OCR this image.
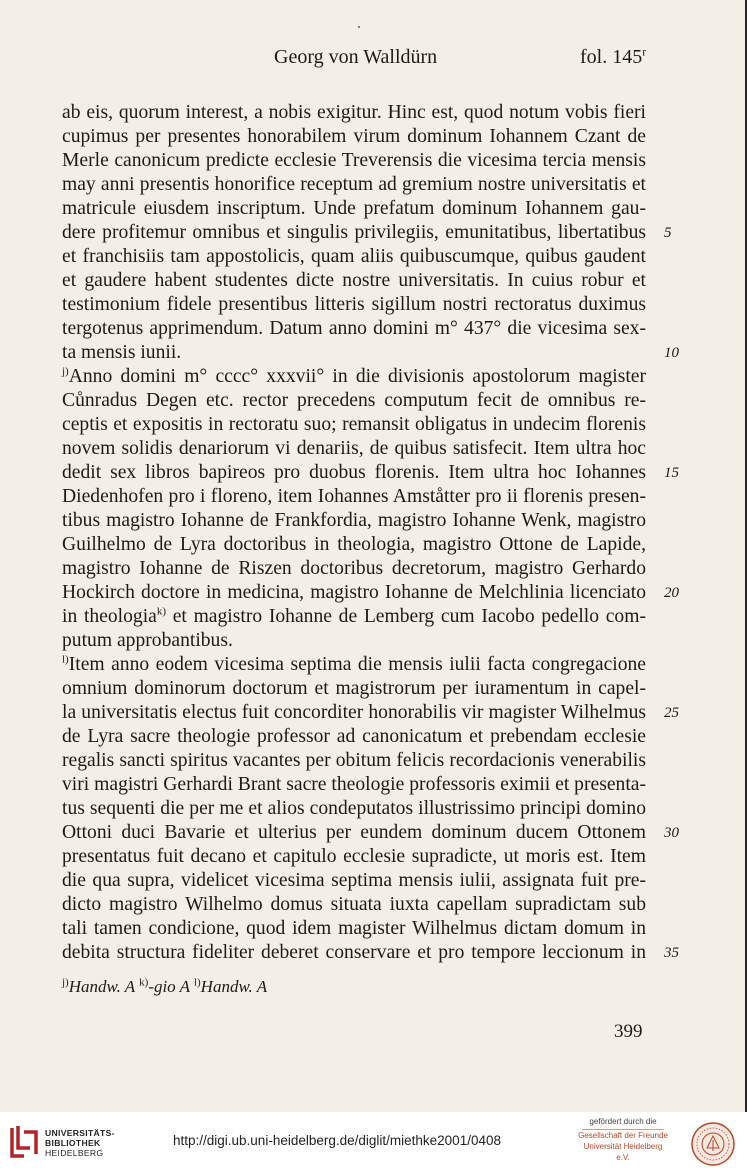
Georg von Walldürn	fol. 145$^r$
ab eis, quorum interest, a nobis exigitur. Hinc est, quod notum vobis fieri
cupimus per presentes honorabilem virum dominum Iohannem Czant de
Merle canonicum predicte ecclesie Treverensis die vicesima tercia mensis
may anni presentis honorifice receptum ad gremium nostre universitatis et
matricule eiusdem inscriptum. Unde prefatum dominum Iohannem gau-
dere profitemur omnibus et singulis privilegiis, emunitatibus, libertatibus
et franchisiis tam appostolicis, quam aliis quibuscumque, quibus gaudent
et gaudere habent studentes dicte nostre universitatis. In cuius robur et
testimonium fidele presentibus litteris sigillum nostri rectoratus duximus
tergotenus apprimendum. Datum anno domini m° 437° die vicesima sex-
ta mensis iunii.
$^{j)}$Anno domini m° cccc° xxxvii° in die divisionis apostolorum magister
Cůnradus Degen etc. rector precedens computum fecit de omnibus re-
ceptis et expositis in rectoratu suo; remansit obligatus in undecim florenis
novem solidis denariorum vi denariis, de quibus satisfecit. Item ultra hoc
dedit sex libros bapireos pro duobus florenis. Item ultra hoc Iohannes
Diedenhofen pro i floreno, item Iohannes Amståtter pro ii florenis presen-
tibus magistro Iohanne de Frankfordia, magistro Iohanne Wenk, magistro
Guilhelmo de Lyra doctoribus in theologia, magistro Ottone de Lapide,
magistro Iohanne de Riszen doctoribus decretorum, magistro Gerhardo
Hockirch doctore in medicina, magistro Iohanne de Melchlinia licenciato
in theologia$^{k)}$ et magistro Iohanne de Lemberg cum Iacobo pedello com-
putum approbantibus.
$^{l)}$Item anno eodem vicesima septima die mensis iulii facta congregacione
omnium dominorum doctorum et magistrorum per iuramentum in capel-
la universitatis electus fuit concorditer honorabilis vir magister Wilhelmus
de Lyra sacre theologie professor ad canonicatum et prebendam ecclesie
regalis sancti spiritus vacantes per obitum felicis recordacionis venerabilis
viri magistri Gerhardi Brant sacre theologie professoris eximii et presenta-
tus sequenti die per me et alios condeputatos illustrissimo principi domino
Ottoni duci Bavarie et ulterius per eundem dominum ducem Ottonem
presentatus fuit decano et capitulo ecclesie supradicte, ut moris est. Item
die qua supra, videlicet vicesima septima mensis iulii, assignata fuit pre-
dicto magistro Wilhelmo domus situata iuxta capellam supradictam sub
tali tamen condicione, quod idem magister Wilhelmus dictam domum in
debita structura fideliter deberet conservare et pro tempore leccionum in
5
10
15
20
25
30
35
$^{j)}$Handw. A $^{k)}$-gio A $^{l)}$Handw. A
399
UNIVERSITÄTS-
BIBLIOTHEK
HEIDELBERG
http://digi.ub.uni-heidelberg.de/diglit/miethke2001/0408
gefördert durch die
Gesellschaft der Freunde
Universität Heidelberg e.V.
